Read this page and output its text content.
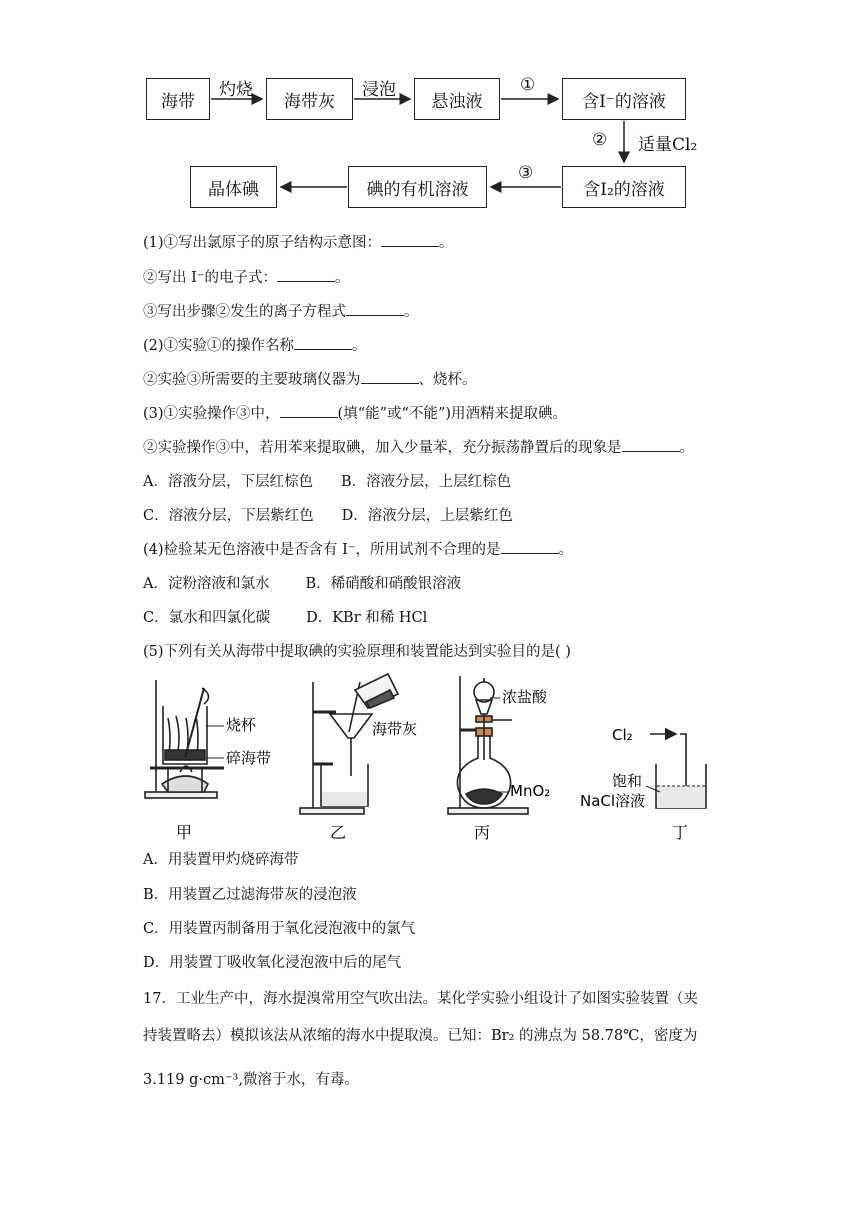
海带	海带灰	悬浊液	含I⁻的溶液
含I₂的溶液
碘的有机溶液
晶体碘
灼烧	浸泡	①
② 适量Cl₂
③
(1)①写出氯原子的原子结构示意图：	。
②写出 I⁻的电子式：	。
③写出步骤②发生的离子方程式	。
(2)①实验①的操作名称	。
②实验③所需要的主要玻璃仪器为	、烧杯。
(3)①实验操作③中，	(填“能”或“不能”)用酒精来提取碘。
②实验操作③中，若用苯来提取碘，加入少量苯，充分振荡静置后的现象是	。
A．溶液分层，下层红棕色 B．溶液分层，上层红棕色
C．溶液分层，下层紫红色 D．溶液分层，上层紫红色
(4)检验某无色溶液中是否含有 I⁻，所用试剂不合理的是	。
A．淀粉溶液和氯水 B．稀硝酸和硝酸银溶液
C．氯水和四氯化碳 D．KBr 和稀 HCl
(5)下列有关从海带中提取碘的实验原理和装置能达到实验目的是( )
烧杯
碎海带
甲
海带灰
乙
浓盐酸
MnO₂
丙
Cl₂
饱和
NaCl溶液
丁
A．用装置甲灼烧碎海带
B．用装置乙过滤海带灰的浸泡液
C．用装置丙制备用于氧化浸泡液中的氯气
D．用装置丁吸收氧化浸泡液中后的尾气
17．工业生产中，海水提溴常用空气吹出法。某化学实验小组设计了如图实验装置（夹
持装置略去）模拟该法从浓缩的海水中提取溴。已知：Br₂ 的沸点为 58.78℃，密度为
3.119 g·cm⁻³,微溶于水，有毒。
